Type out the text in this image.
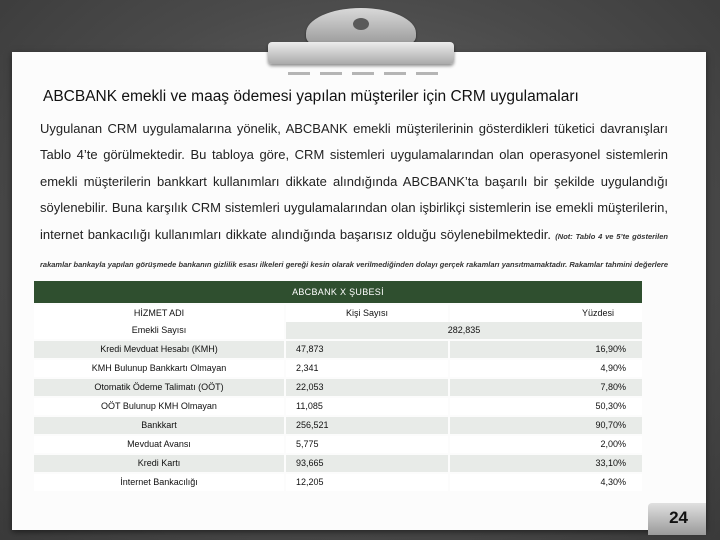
ABCBANK emekli ve maaş ödemesi yapılan müşteriler için CRM uygulamaları
Uygulanan CRM uygulamalarına yönelik, ABCBANK emekli müşterilerinin gösterdikleri tüketici davranışları Tablo 4’te görülmektedir. Bu tabloya göre, CRM sistemleri uygulamalarından olan operasyonel sistemlerin emekli müşterilerin bankkart kullanımları dikkate alındığında ABCBANK’ta başarılı bir şekilde uygulandığı söylenebilir. Buna karşılık CRM sistemleri uygulamalarından olan işbirlikçi sistemlerin ise emekli müşterilerin, internet bankacılığı kullanımları dikkate alındığında başarısız olduğu söylenebilmektedir. (Not: Tablo 4 ve 5’te gösterilen rakamlar bankayla yapılan görüşmede bankanın gizlilik esası ilkeleri gereği kesin olarak verilmediğinden dolayı gerçek rakamları yansıtmamaktadır. Rakamlar tahmini değerlere
ABCBANK X ŞUBESİ
HİZMET ADI	Kişi Sayısı	Yüzdesi
Emekli Sayısı	282,835
Kredi Mevduat Hesabı (KMH)	47,873	16,90%
KMH Bulunup Bankkartı Olmayan	2,341	4,90%
Otomatik Ödeme Talimatı (OÖT)	22,053	7,80%
OÖT Bulunup KMH Olmayan	11,085	50,30%
Bankkart	256,521	90,70%
Mevduat Avansı	5,775	2,00%
Kredi Kartı	93,665	33,10%
İnternet Bankacılığı	12,205	4,30%
24
